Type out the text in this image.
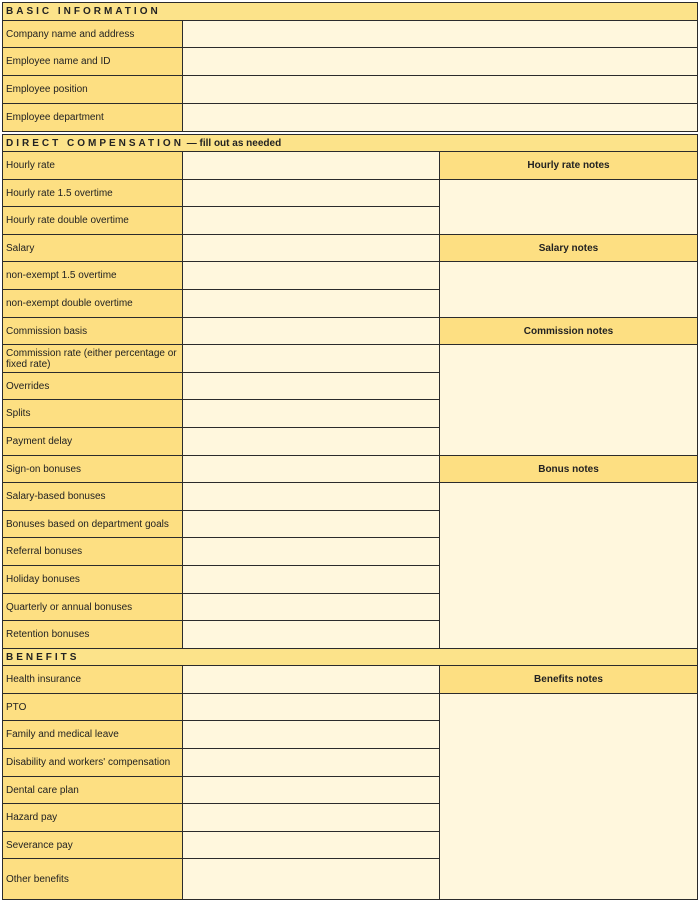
BASIC INFORMATION	
Company name and address	
Employee name and ID	
Employee position	
Employee department	
DIRECT COMPENSATION — fill out as needed		
Hourly rate		Hourly rate notes
Hourly rate 1.5 overtime		
Hourly rate double overtime		
Salary		Salary notes
non-exempt 1.5 overtime		
non-exempt double overtime		
Commission basis		Commission notes
Commission rate (either percentage or fixed rate)		
Overrides		
Splits		
Payment delay		
Sign-on bonuses		Bonus notes
Salary-based bonuses		
Bonuses based on department goals		
Referral bonuses		
Holiday bonuses		
Quarterly or annual bonuses		
Retention bonuses		
BENEFITS		
Health insurance		Benefits notes
PTO		
Family and medical leave		
Disability and workers' compensation		
Dental care plan		
Hazard pay		
Severance pay		
Other benefits		
